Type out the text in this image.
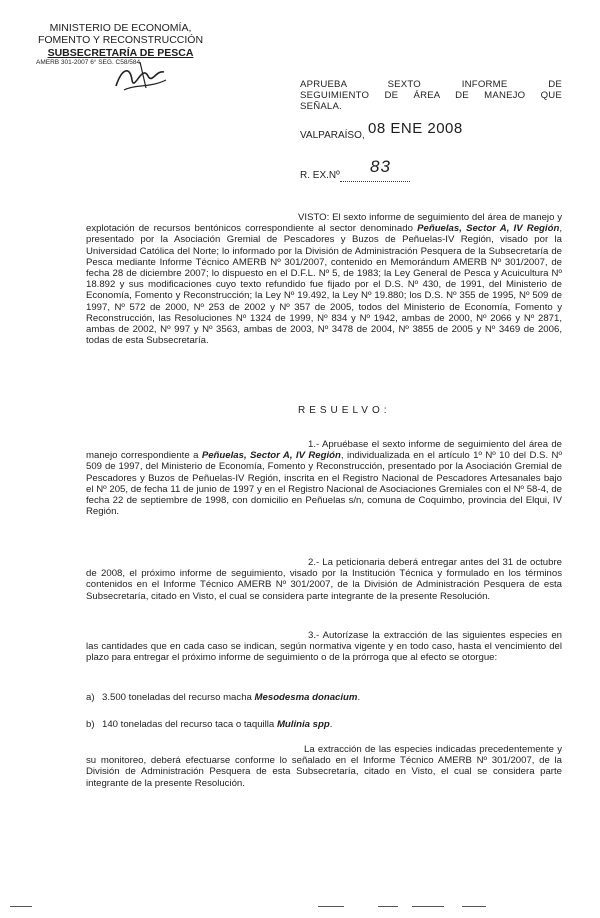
MINISTERIO DE ECONOMÍA,
FOMENTO Y RECONSTRUCCIÓN
SUBSECRETARÍA DE PESCA
AMERB 301-2007 6° SEG. C58/584
APRUEBA SEXTO INFORME DE
SEGUIMIENTO DE ÁREA DE MANEJO QUE
SEÑALA.
VALPARAÍSO, 08 ENE 2008
R. EX.Nº 83
VISTO: El sexto informe de seguimiento del área de manejo y explotación de recursos bentónicos correspondiente al sector denominado Peñuelas, Sector A, IV Región, presentado por la Asociación Gremial de Pescadores y Buzos de Peñuelas-IV Región, visado por la Universidad Católica del Norte; lo informado por la División de Administración Pesquera de la Subsecretaría de Pesca mediante Informe Técnico AMERB Nº 301/2007, contenido en Memorándum AMERB Nº 301/2007, de fecha 28 de diciembre 2007; lo dispuesto en el D.F.L. Nº 5, de 1983; la Ley General de Pesca y Acuicultura Nº 18.892 y sus modificaciones cuyo texto refundido fue fijado por el D.S. Nº 430, de 1991, del Ministerio de Economía, Fomento y Reconstrucción; la Ley Nº 19.492, la Ley Nº 19.880; los D.S. Nº 355 de 1995, Nº 509 de 1997, Nº 572 de 2000, Nº 253 de 2002 y Nº 357 de 2005, todos del Ministerio de Economía, Fomento y Reconstrucción, las Resoluciones Nº 1324 de 1999, Nº 834 y Nº 1942, ambas de 2000, Nº 2066 y Nº 2871, ambas de 2002, Nº 997 y Nº 3563, ambas de 2003, Nº 3478 de 2004, Nº 3855 de 2005 y Nº 3469 de 2006, todas de esta Subsecretaría.
RESUELVO:
1.- Apruébase el sexto informe de seguimiento del área de manejo correspondiente a Peñuelas, Sector A, IV Región, individualizada en el artículo 1º Nº 10 del D.S. Nº 509 de 1997, del Ministerio de Economía, Fomento y Reconstrucción, presentado por la Asociación Gremial de Pescadores y Buzos de Peñuelas-IV Región, inscrita en el Registro Nacional de Pescadores Artesanales bajo el Nº 205, de fecha 11 de junio de 1997 y en el Registro Nacional de Asociaciones Gremiales con el Nº 58-4, de fecha 22 de septiembre de 1998, con domicilio en Peñuelas s/n, comuna de Coquimbo, provincia del Elqui, IV Región.
2.- La peticionaria deberá entregar antes del 31 de octubre de 2008, el próximo informe de seguimiento, visado por la Institución Técnica y formulado en los términos contenidos en el Informe Técnico AMERB Nº 301/2007, de la División de Administración Pesquera de esta Subsecretaría, citado en Visto, el cual se considera parte integrante de la presente Resolución.
3.- Autorízase la extracción de las siguientes especies en las cantidades que en cada caso se indican, según normativa vigente y en todo caso, hasta el vencimiento del plazo para entregar el próximo informe de seguimiento o de la prórroga que al efecto se otorgue:
a) 3.500 toneladas del recurso macha Mesodesma donacium.
b) 140 toneladas del recurso taca o taquilla Mulinia spp.
La extracción de las especies indicadas precedentemente y su monitoreo, deberá efectuarse conforme lo señalado en el Informe Técnico AMERB Nº 301/2007, de la División de Administración Pesquera de esta Subsecretaría, citado en Visto, el cual se considera parte integrante de la presente Resolución.
